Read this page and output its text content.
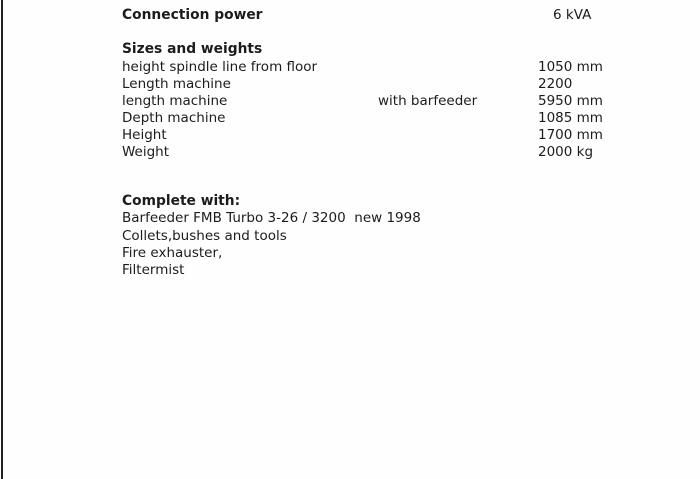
Connection power	6 kVA
Sizes and weights
height spindle line from floor	1050 mm
Length machine	2200
length machine	with barfeeder	5950 mm
Depth machine	1085 mm
Height	1700 mm
Weight	2000 kg
Complete with:
Barfeeder FMB Turbo 3-26 / 3200  new 1998
Collets,bushes and tools
Fire exhauster,
Filtermist
